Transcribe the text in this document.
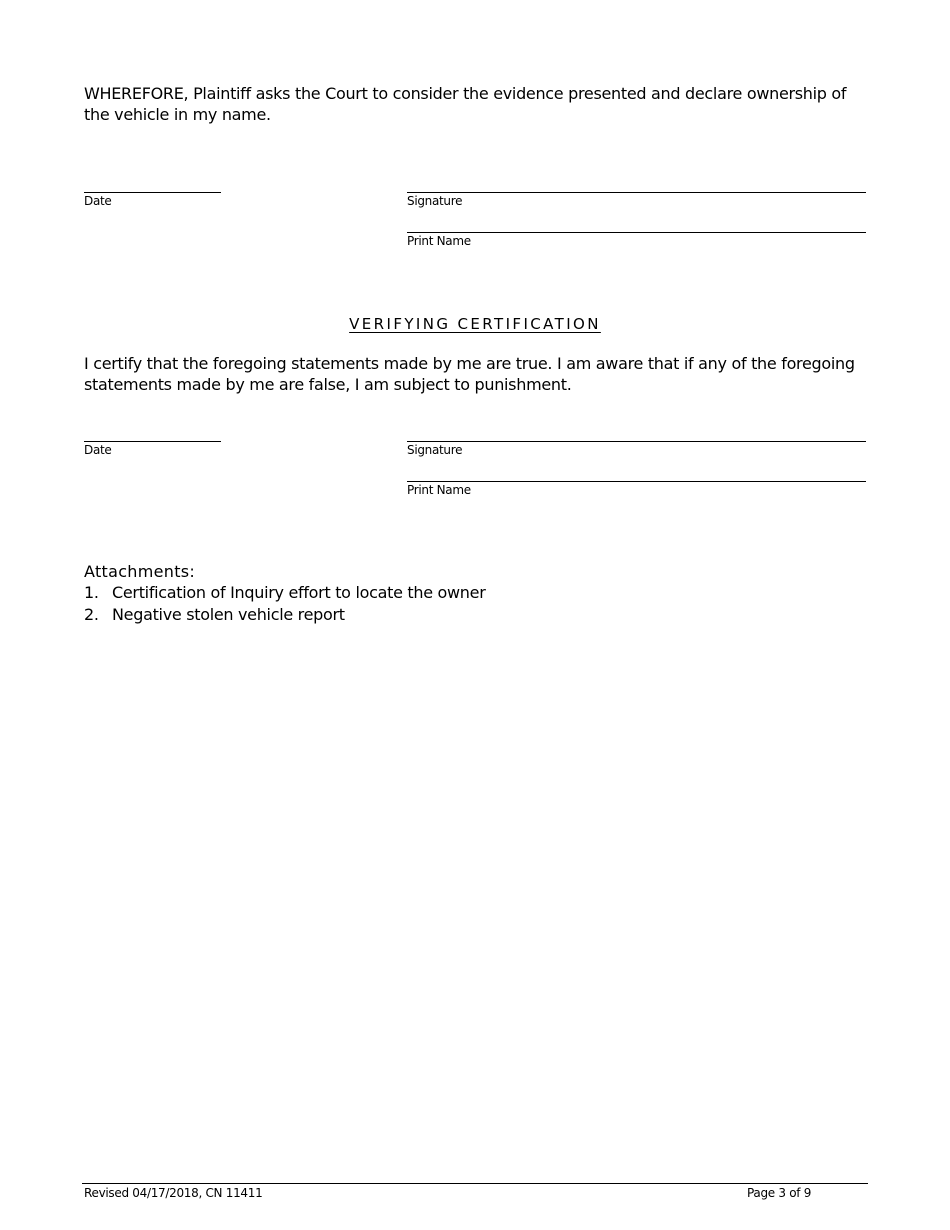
WHEREFORE, Plaintiff asks the Court to consider the evidence presented and declare ownership of the vehicle in my name.
Date	Signature
Print Name
VERIFYING CERTIFICATION
I certify that the foregoing statements made by me are true. I am aware that if any of the foregoing statements made by me are false, I am subject to punishment.
Date	Signature
Print Name
Attachments:
1. Certification of Inquiry effort to locate the owner
2. Negative stolen vehicle report
Revised 04/17/2018, CN 11411	Page 3 of 9
